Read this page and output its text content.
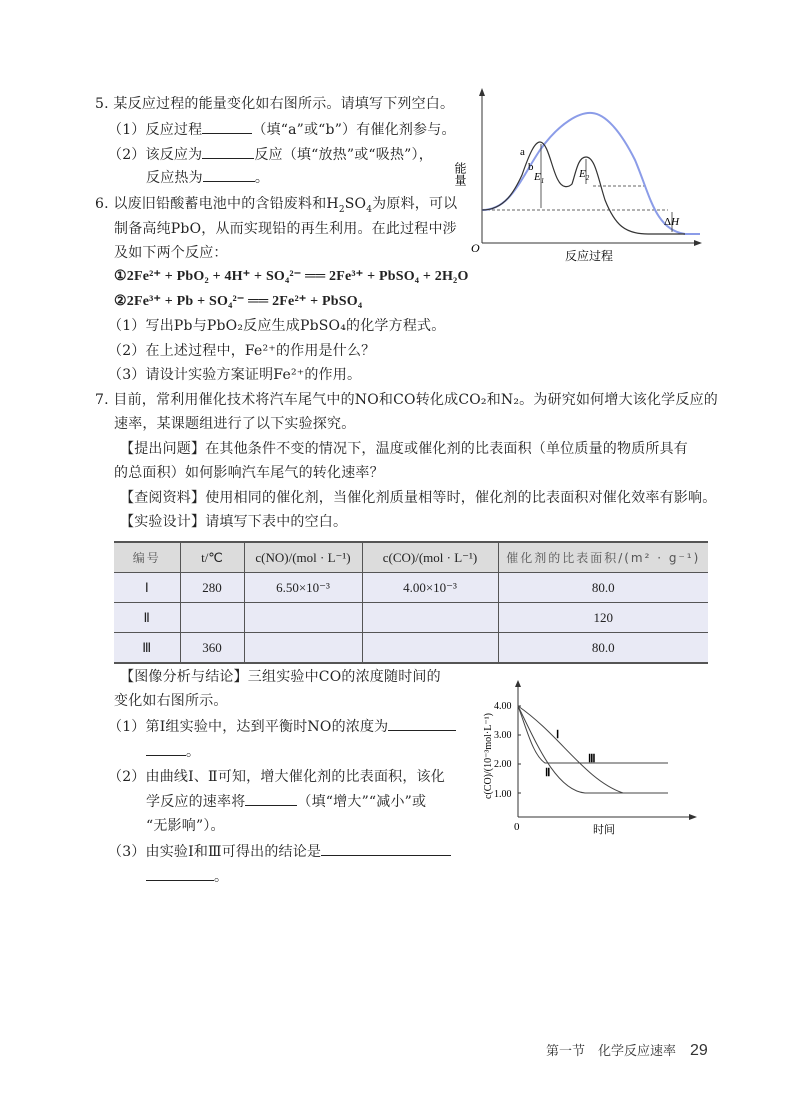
5. 某反应过程的能量变化如右图所示。请填写下列空白。
（1）反应过程	（填“a”或“b”）有催化剂参与。
（2）该反应为	反应（填“放热”或“吸热”），
反应热为	。
O
能量
反应过程
$E_1$
$E_2$
a
b
ΔH
6. 以废旧铅酸蓄电池中的含铅废料和$H_2SO_4$为原料，可以
制备高纯PbO，从而实现铅的再生利用。在此过程中涉
及如下两个反应：
①2Fe²⁺ + PbO₂ + 4H⁺ + SO₄²⁻ ══ 2Fe³⁺ + PbSO₄ + 2H₂O
②2Fe³⁺ + Pb + SO₄²⁻ ══ 2Fe²⁺ + PbSO₄
（1）写出Pb与PbO₂反应生成PbSO₄的化学方程式。
（2）在上述过程中，Fe²⁺的作用是什么？
（3）请设计实验方案证明Fe²⁺的作用。
7. 目前，常利用催化技术将汽车尾气中的NO和CO转化成CO₂和N₂。为研究如何增大该化学反应的
速率，某课题组进行了以下实验探究。
【提出问题】在其他条件不变的情况下，温度或催化剂的比表面积（单位质量的物质所具有
的总面积）如何影响汽车尾气的转化速率？
【查阅资料】使用相同的催化剂，当催化剂质量相等时，催化剂的比表面积对催化效率有影响。
【实验设计】请填写下表中的空白。
编号	t/℃	c(NO)/(mol · L⁻¹)	c(CO)/(mol · L⁻¹)	催化剂的比表面积/(m² · g⁻¹)
Ⅰ	280	6.50×10⁻³	4.00×10⁻³	80.0
Ⅱ				120
Ⅲ	360			80.0
【图像分析与结论】三组实验中CO的浓度随时间的
变化如右图所示。
（1）第Ⅰ组实验中，达到平衡时NO的浓度为
。
（2）由曲线Ⅰ、Ⅱ可知，增大催化剂的比表面积，该化
学反应的速率将	（填“增大”“减小”或
“无影响”）。
（3）由实验Ⅰ和Ⅲ可得出的结论是
。
0	时间
c(CO)/(10⁻³mol·L⁻¹)
4.00
3.00
2.00
1.00
Ⅰ
Ⅲ
Ⅱ
第一节　化学反应速率 29
